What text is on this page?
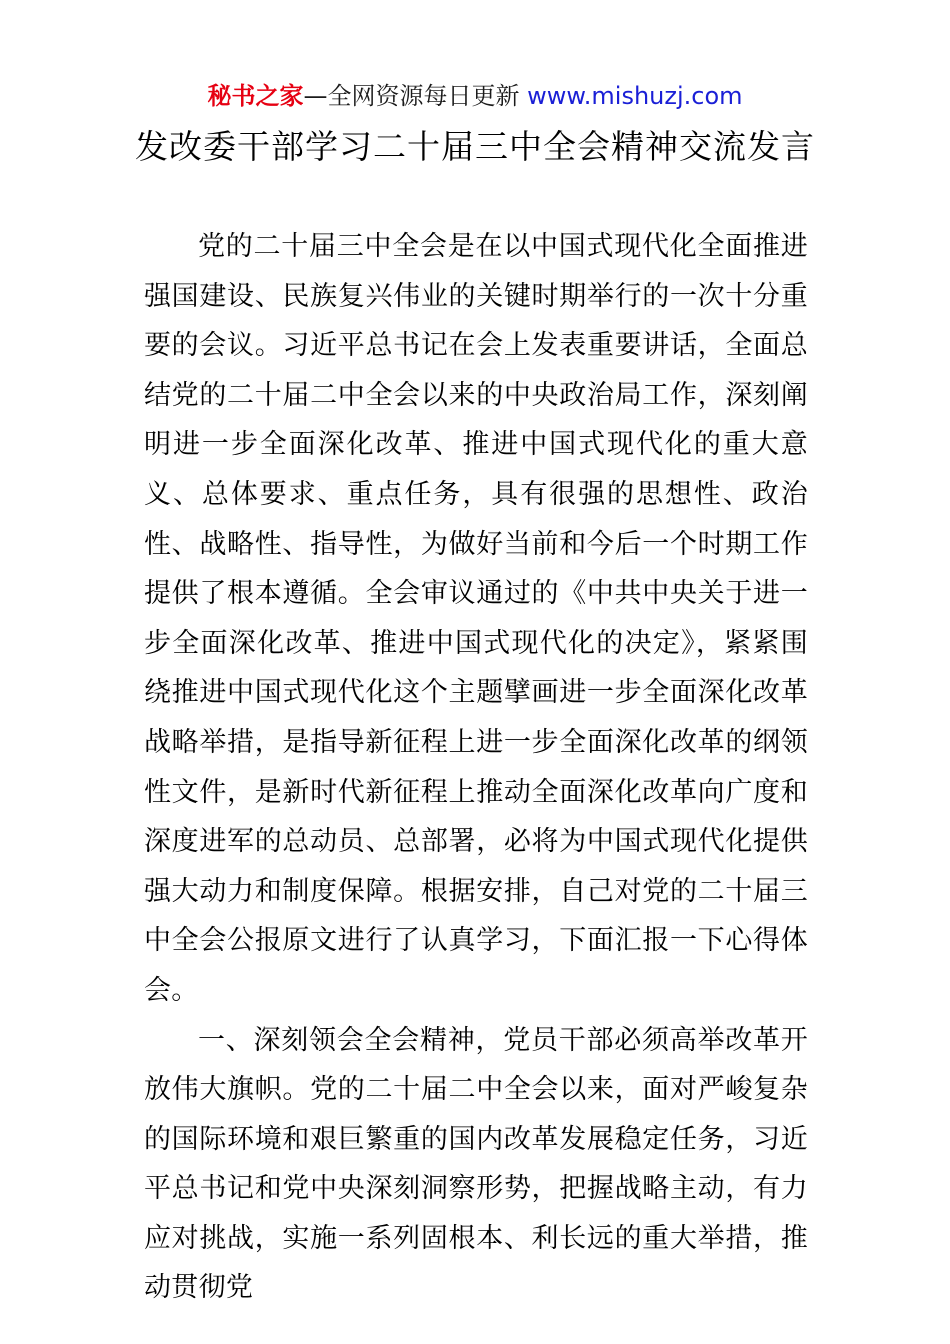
秘书之家—全网资源每日更新 www.mishuzj.com
发改委干部学习二十届三中全会精神交流发言

党的二十届三中全会是在以中国式现代化全面推进强国建设、民族复兴伟业的关键时期举行的一次十分重要的会议。习近平总书记在会上发表重要讲话，全面总结党的二十届二中全会以来的中央政治局工作，深刻阐明进一步全面深化改革、推进中国式现代化的重大意义、总体要求、重点任务，具有很强的思想性、政治性、战略性、指导性，为做好当前和今后一个时期工作提供了根本遵循。全会审议通过的《中共中央关于进一步全面深化改革、推进中国式现代化的决定》，紧紧围绕推进中国式现代化这个主题擘画进一步全面深化改革战略举措，是指导新征程上进一步全面深化改革的纲领性文件，是新时代新征程上推动全面深化改革向广度和深度进军的总动员、总部署，必将为中国式现代化提供强大动力和制度保障。根据安排，自己对党的二十届三中全会公报原文进行了认真学习，下面汇报一下心得体会。

一、深刻领会全会精神，党员干部必须高举改革开放伟大旗帜。党的二十届二中全会以来，面对严峻复杂的国际环境和艰巨繁重的国内改革发展稳定任务，习近平总书记和党中央深刻洞察形势，把握战略主动，有力应对挑战，实施一系列固根本、利长远的重大举措，推动贯彻党
